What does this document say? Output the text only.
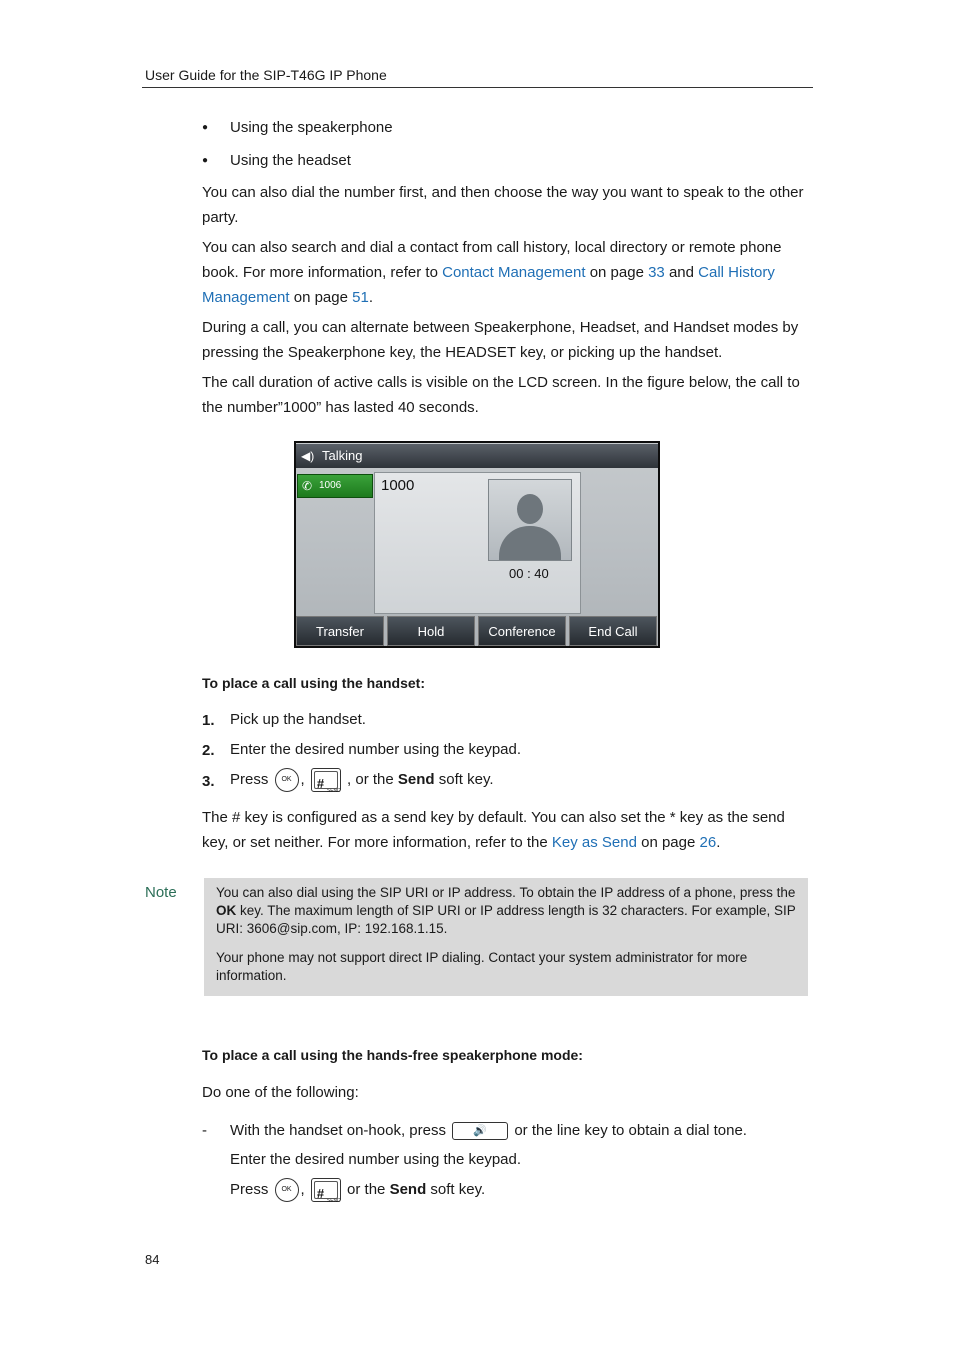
User Guide for the SIP-T46G IP Phone
● Using the speakerphone
● Using the headset
You can also dial the number first, and then choose the way you want to speak to the other party.
You can also search and dial a contact from call history, local directory or remote phone book. For more information, refer to Contact Management on page 33 and Call History Management on page 51.
During a call, you can alternate between Speakerphone, Headset, and Handset modes by pressing the Speakerphone key, the HEADSET key, or picking up the handset.
The call duration of active calls is visible on the LCD screen. In the figure below, the call to the number”1000” has lasted 40 seconds.
◀) Talking
✆ 1006	1000
00 : 40
Transfer	Hold	Conference	End Call
To place a call using the handset:
1. Pick up the handset.
2. Enter the desired number using the keypad.
3. Press OK , # SEND
, or the Send soft key.
The # key is configured as a send key by default. You can also set the * key as the send key, or set neither. For more information, refer to the Key as Send on page 26.
Note	You can also dial using the SIP URI or IP address. To obtain the IP address of a phone, press the OK key. The maximum length of SIP URI or IP address length is 32 characters. For example, SIP URI: 3606@sip.com, IP: 192.168.1.15.
Your phone may not support direct IP dialing. Contact your system administrator for more information.
To place a call using the hands-free speakerphone mode:
Do one of the following:
- With the handset on-hook, press 🔊 or the line key to obtain a dial tone.
Enter the desired number using the keypad.
Press OK , # SEND
or the Send soft key.
84
